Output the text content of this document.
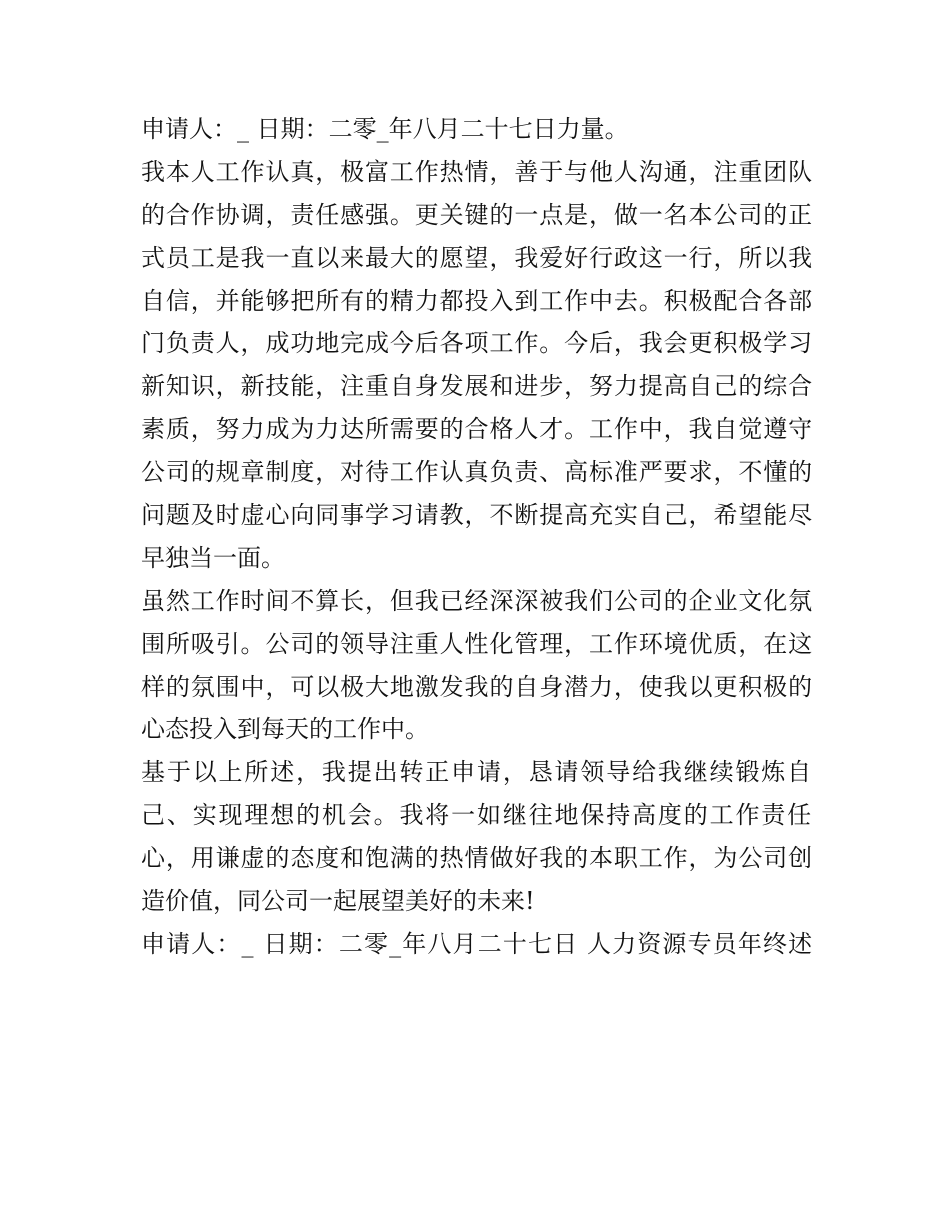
申请人：_ 日期：二零_年八月二十七日力量。
我本人工作认真，极富工作热情，善于与他人沟通，注重团队
的合作协调，责任感强。更关键的一点是，做一名本公司的正
式员工是我一直以来最大的愿望，我爱好行政这一行，所以我
自信，并能够把所有的精力都投入到工作中去。积极配合各部
门负责人，成功地完成今后各项工作。今后，我会更积极学习
新知识，新技能，注重自身发展和进步，努力提高自己的综合
素质，努力成为力达所需要的合格人才。工作中，我自觉遵守
公司的规章制度，对待工作认真负责、高标准严要求，不懂的
问题及时虚心向同事学习请教，不断提高充实自己，希望能尽
早独当一面。
虽然工作时间不算长，但我已经深深被我们公司的企业文化氛
围所吸引。公司的领导注重人性化管理，工作环境优质，在这
样的氛围中，可以极大地激发我的自身潜力，使我以更积极的
心态投入到每天的工作中。
基于以上所述，我提出转正申请，恳请领导给我继续锻炼自
己、实现理想的机会。我将一如继往地保持高度的工作责任
心，用谦虚的态度和饱满的热情做好我的本职工作，为公司创
造价值，同公司一起展望美好的未来!
申请人：_ 日期：二零_年八月二十七日 人力资源专员年终述
